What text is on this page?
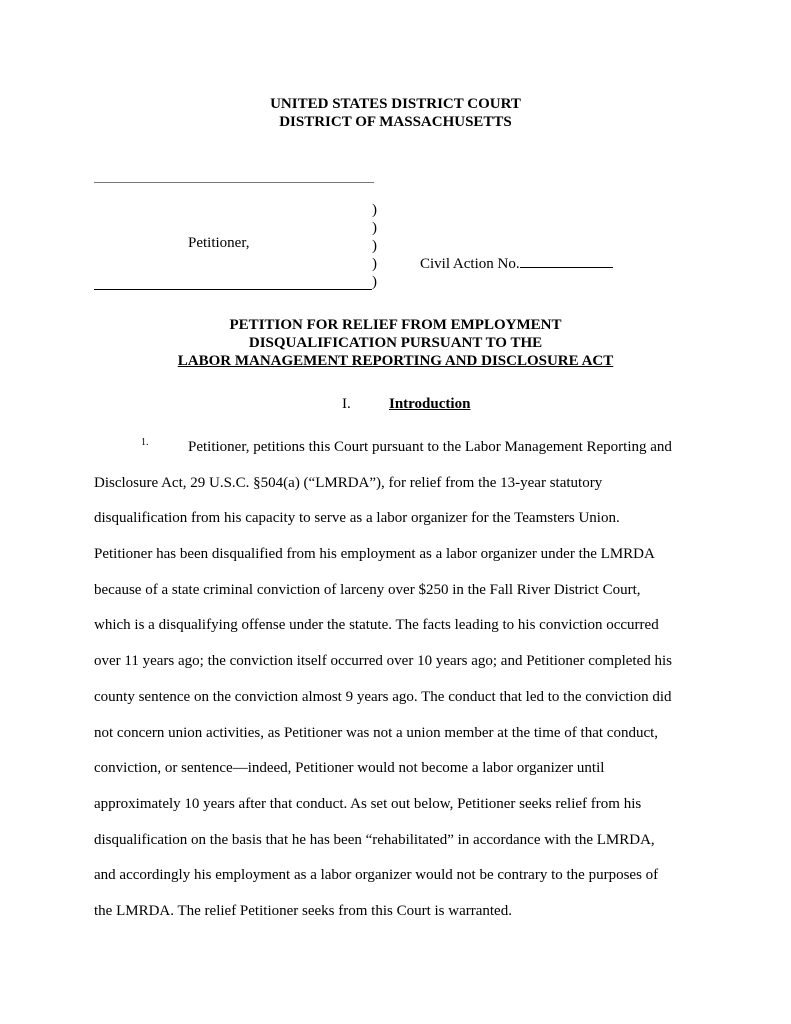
UNITED STATES DISTRICT COURT
DISTRICT OF MASSACHUSETTS
)
)
)
)
)
Petitioner,
Civil Action No.
PETITION FOR RELIEF FROM EMPLOYMENT
DISQUALIFICATION PURSUANT TO THE
LABOR MANAGEMENT REPORTING AND DISCLOSURE ACT
I.	Introduction
1.	Petitioner, petitions this Court pursuant to the Labor Management Reporting and
Disclosure Act, 29 U.S.C. §504(a) (“LMRDA”), for relief from the 13-year statutory
disqualification from his capacity to serve as a labor organizer for the Teamsters Union.
Petitioner has been disqualified from his employment as a labor organizer under the LMRDA
because of a state criminal conviction of larceny over $250 in the Fall River District Court,
which is a disqualifying offense under the statute. The facts leading to his conviction occurred
over 11 years ago; the conviction itself occurred over 10 years ago; and Petitioner completed his
county sentence on the conviction almost 9 years ago. The conduct that led to the conviction did
not concern union activities, as Petitioner was not a union member at the time of that conduct,
conviction, or sentence—indeed, Petitioner would not become a labor organizer until
approximately 10 years after that conduct. As set out below, Petitioner seeks relief from his
disqualification on the basis that he has been “rehabilitated” in accordance with the LMRDA,
and accordingly his employment as a labor organizer would not be contrary to the purposes of
the LMRDA. The relief Petitioner seeks from this Court is warranted.
